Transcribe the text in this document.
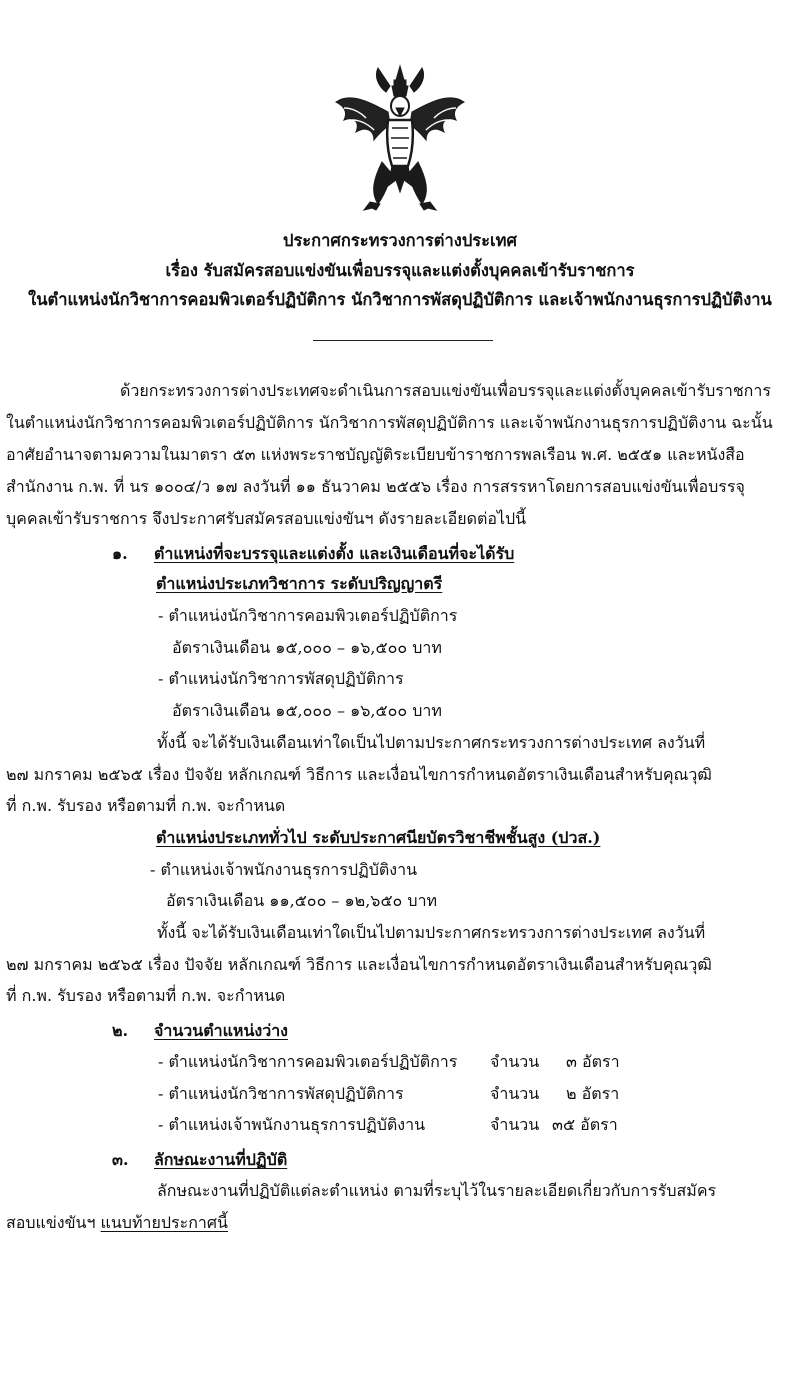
ประกาศกระทรวงการต่างประเทศ
เรื่อง รับสมัครสอบแข่งขันเพื่อบรรจุและแต่งตั้งบุคคลเข้ารับราชการ
ในตำแหน่งนักวิชาการคอมพิวเตอร์ปฏิบัติการ นักวิชาการพัสดุปฏิบัติการ และเจ้าพนักงานธุรการปฏิบัติงาน
ด้วยกระทรวงการต่างประเทศจะดำเนินการสอบแข่งขันเพื่อบรรจุและแต่งตั้งบุคคลเข้ารับราชการ
ในตำแหน่งนักวิชาการคอมพิวเตอร์ปฏิบัติการ นักวิชาการพัสดุปฏิบัติการ และเจ้าพนักงานธุรการปฏิบัติงาน ฉะนั้น
อาศัยอำนาจตามความในมาตรา ๕๓ แห่งพระราชบัญญัติระเบียบข้าราชการพลเรือน พ.ศ. ๒๕๕๑ และหนังสือ
สำนักงาน ก.พ. ที่ นร ๑๐๐๔/ว ๑๗ ลงวันที่ ๑๑ ธันวาคม ๒๕๕๖ เรื่อง การสรรหาโดยการสอบแข่งขันเพื่อบรรจุ
บุคคลเข้ารับราชการ จึงประกาศรับสมัครสอบแข่งขันฯ ดังรายละเอียดต่อไปนี้
๑. ตำแหน่งที่จะบรรจุและแต่งตั้ง และเงินเดือนที่จะได้รับ
ตำแหน่งประเภทวิชาการ ระดับปริญญาตรี
- ตำแหน่งนักวิชาการคอมพิวเตอร์ปฏิบัติการ
อัตราเงินเดือน ๑๕,๐๐๐ – ๑๖,๕๐๐ บาท
- ตำแหน่งนักวิชาการพัสดุปฏิบัติการ
อัตราเงินเดือน ๑๕,๐๐๐ – ๑๖,๕๐๐ บาท
ทั้งนี้ จะได้รับเงินเดือนเท่าใดเป็นไปตามประกาศกระทรวงการต่างประเทศ ลงวันที่
๒๗ มกราคม ๒๕๖๕ เรื่อง ปัจจัย หลักเกณฑ์ วิธีการ และเงื่อนไขการกำหนดอัตราเงินเดือนสำหรับคุณวุฒิ
ที่ ก.พ. รับรอง หรือตามที่ ก.พ. จะกำหนด
ตำแหน่งประเภททั่วไป ระดับประกาศนียบัตรวิชาชีพชั้นสูง (ปวส.)
- ตำแหน่งเจ้าพนักงานธุรการปฏิบัติงาน
อัตราเงินเดือน ๑๑,๕๐๐ – ๑๒,๖๕๐ บาท
ทั้งนี้ จะได้รับเงินเดือนเท่าใดเป็นไปตามประกาศกระทรวงการต่างประเทศ ลงวันที่
๒๗ มกราคม ๒๕๖๕ เรื่อง ปัจจัย หลักเกณฑ์ วิธีการ และเงื่อนไขการกำหนดอัตราเงินเดือนสำหรับคุณวุฒิ
ที่ ก.พ. รับรอง หรือตามที่ ก.พ. จะกำหนด
๒. จำนวนตำแหน่งว่าง
- ตำแหน่งนักวิชาการคอมพิวเตอร์ปฏิบัติการ จำนวน ๓ อัตรา
- ตำแหน่งนักวิชาการพัสดุปฏิบัติการ	จำนวน ๒ อัตรา
- ตำแหน่งเจ้าพนักงานธุรการปฏิบัติงาน	จำนวน ๓๕ อัตรา
๓. ลักษณะงานที่ปฏิบัติ
ลักษณะงานที่ปฏิบัติแต่ละตำแหน่ง ตามที่ระบุไว้ในรายละเอียดเกี่ยวกับการรับสมัคร
สอบแข่งขันฯ แนบท้ายประกาศนี้
